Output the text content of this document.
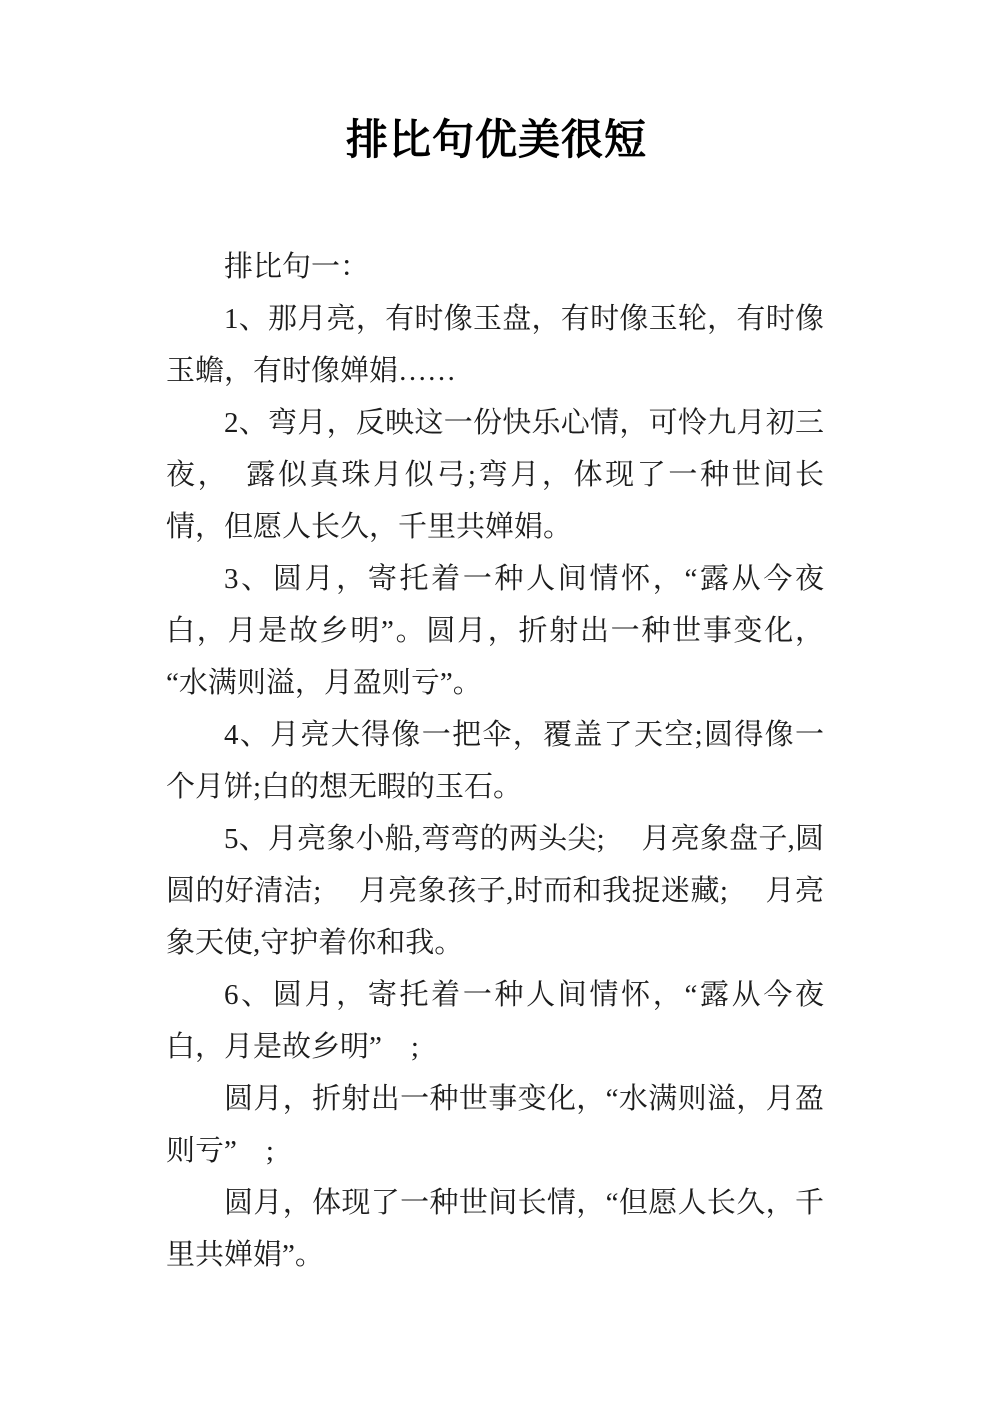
排比句优美很短

排比句一：

1、那月亮，有时像玉盘，有时像玉轮，有时像玉蟾，有时像婵娟……

2、弯月，反映这一份快乐心情，可怜九月初三夜，　露似真珠月似弓;弯月，体现了一种世间长情，但愿人长久，千里共婵娟。

3、圆月，寄托着一种人间情怀，“露从今夜白，月是故乡明”。圆月，折射出一种世事变化，“水满则溢，月盈则亏”。

4、月亮大得像一把伞，覆盖了天空;圆得像一个月饼;白的想无暇的玉石。

5、月亮象小船,弯弯的两头尖;　 月亮象盘子,圆圆的好清洁;　 月亮象孩子,时而和我捉迷藏;　 月亮象天使,守护着你和我。

6、圆月，寄托着一种人间情怀，“露从今夜白，月是故乡明”　;

圆月，折射出一种世事变化，“水满则溢，月盈则亏”　;

圆月，体现了一种世间长情，“但愿人长久，千里共婵娟”。
